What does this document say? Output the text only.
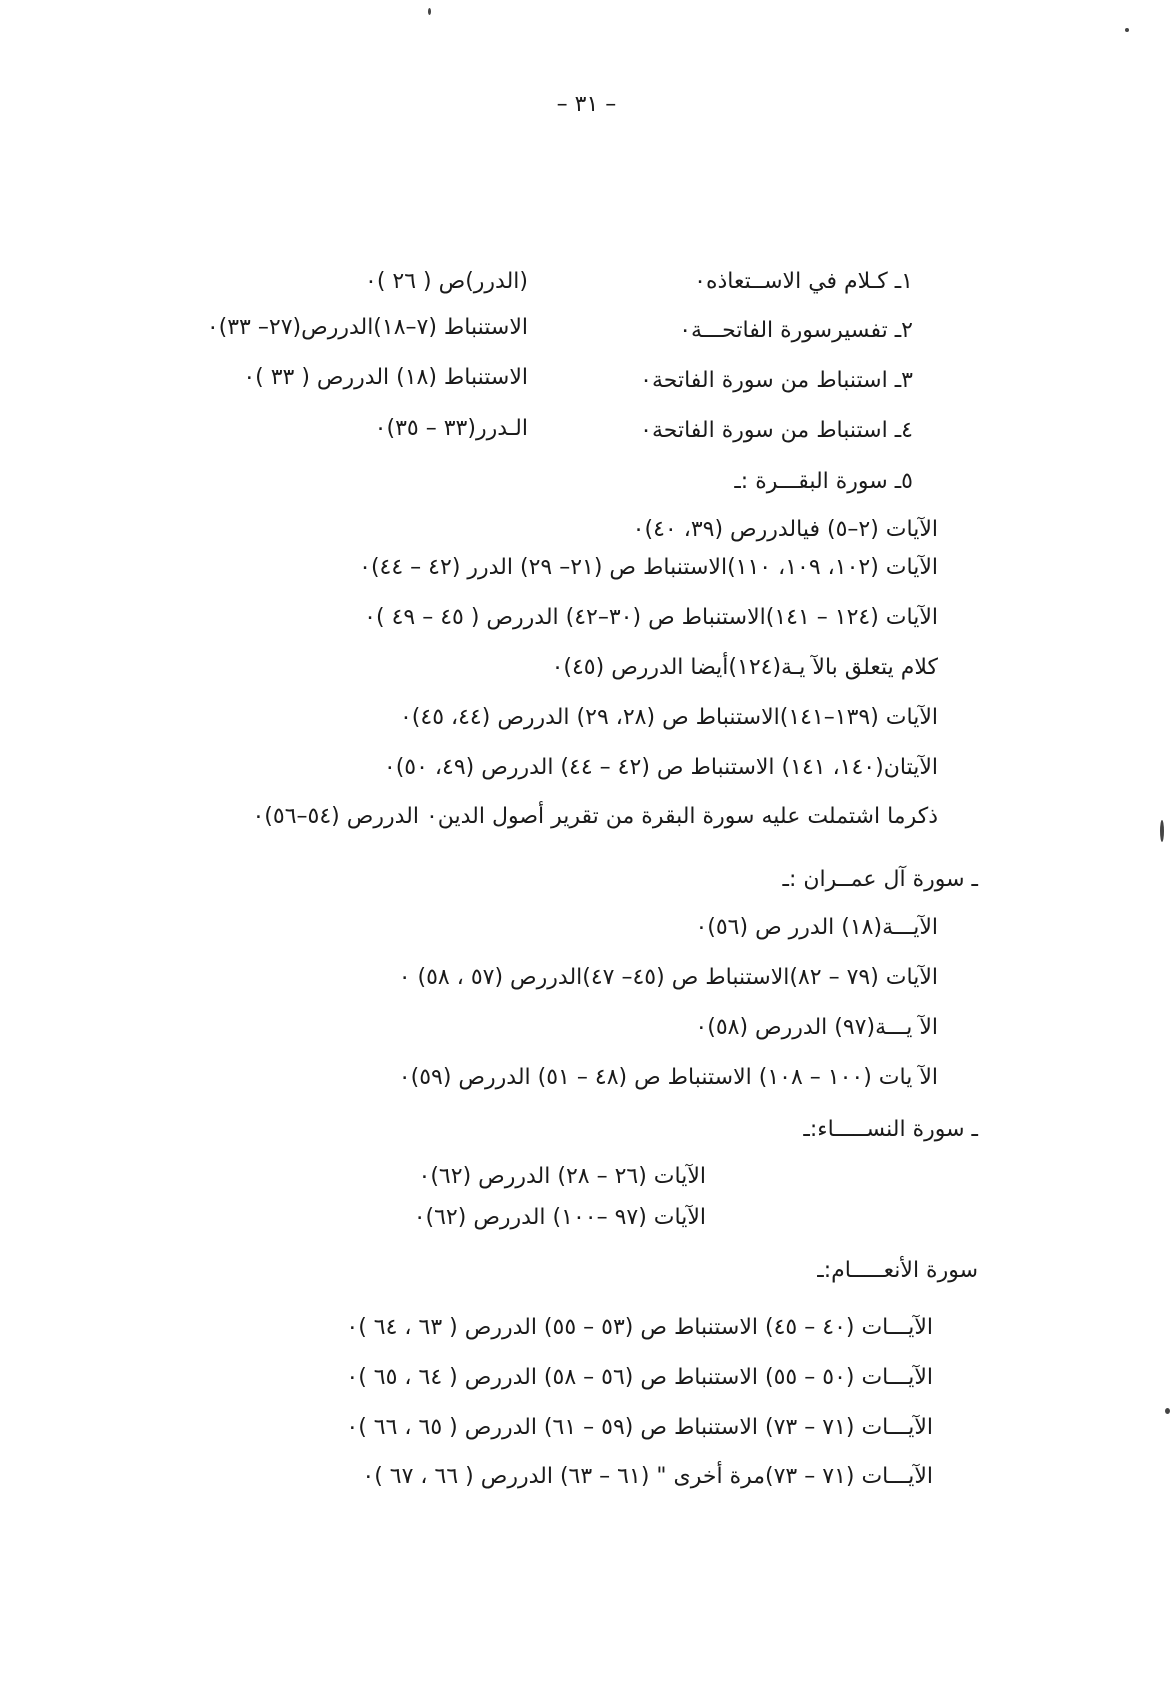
– ٣١ –
١ـ كـلام في الاســتعاذه٠
(الدرر)ص ( ٢٦ )٠
٢ـ تفسيرسورة الفاتحـــة٠
الاستنباط (٧–١٨)الدررص(٢٧– ٣٣)٠
٣ـ استنباط من سورة الفاتحة٠
الاستنباط (١٨) الدررص ( ٣٣ )٠
٤ـ استنباط من سورة الفاتحة٠
الـدرر(٣٣ – ٣٥)٠
٥ـ سورة البقـــرة :ـ
الآيات (٢–٥) فيالدررص (٣٩، ٤٠)٠
الآيات (١٠٢، ١٠٩، ١١٠)الاستنباط ص (٢١– ٢٩) الدرر (٤٢ – ٤٤)٠
الآيات (١٢٤ – ١٤١)الاستنباط ص (٣٠–٤٢) الدررص ( ٤٥ – ٤٩ )٠
كلام يتعلق بالآ يـة(١٢٤)أيضا الدررص (٤٥)٠
الآيات (١٣٩–١٤١)الاستنباط ص (٢٨، ٢٩) الدررص (٤٤، ٤٥)٠
الآيتان(١٤٠، ١٤١) الاستنباط ص (٤٢ – ٤٤) الدررص (٤٩، ٥٠)٠
ذكرما اشتملت عليه سورة البقرة من تقرير أصول الدين٠ الدررص (٥٤–٥٦)٠
ـ سورة آل عمــران :ـ
الآيـــة(١٨) الدرر ص (٥٦)٠
الآيات (٧٩ – ٨٢)الاستنباط ص (٤٥– ٤٧)الدررص (٥٧ ، ٥٨) ٠
الآ يـــة(٩٧) الدررص (٥٨)٠
الآ يات (١٠٠ – ١٠٨) الاستنباط ص (٤٨ – ٥١) الدررص (٥٩)٠
ـ سورة النســـــاء:ـ
الآيات (٢٦ – ٢٨) الدررص (٦٢)٠
الآيات (٩٧ –١٠٠) الدررص (٦٢)٠
سورة الأنعـــــام:ـ
الآيـــات (٤٠ – ٤٥) الاستنباط ص (٥٣ – ٥٥) الدررص ( ٦٣ ، ٦٤ )٠
الآيـــات (٥٠ – ٥٥) الاستنباط ص (٥٦ – ٥٨) الدررص ( ٦٤ ، ٦٥ )٠
الآيـــات (٧١ – ٧٣) الاستنباط ص (٥٩ – ٦١) الدررص ( ٦٥ ، ٦٦ )٠
الآيـــات (٧١ – ٧٣)مرة أخرى " (٦١ – ٦٣) الدررص ( ٦٦ ، ٦٧ )٠
